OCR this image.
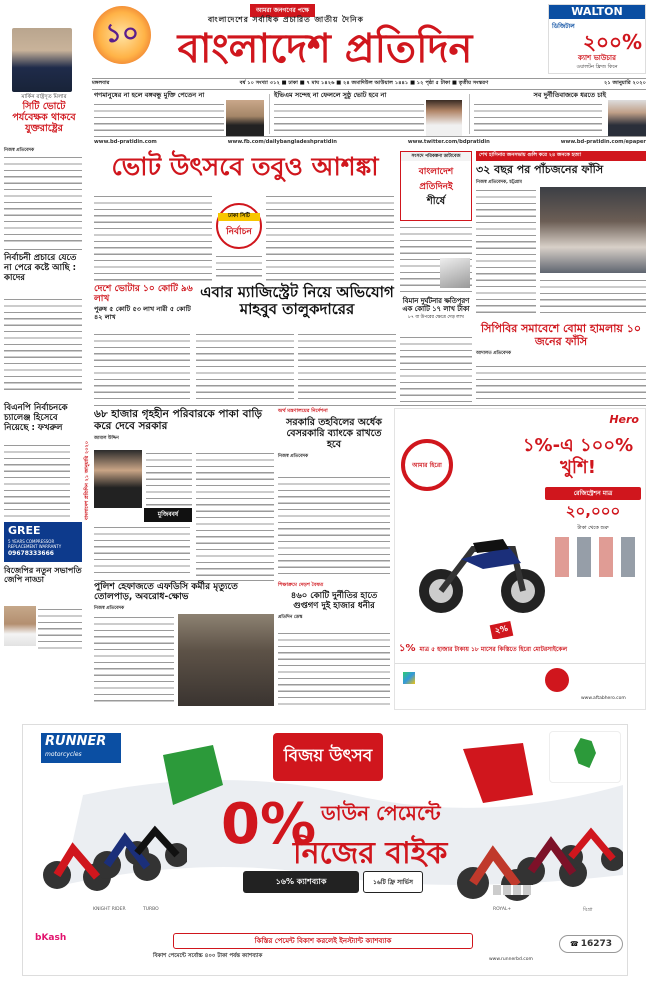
১০
আমরা জনগণের পক্ষে
বাংলাদেশের সর্বাধিক প্রচারিত জাতীয় দৈনিক
বাংলাদেশ প্রতিদিন
WALTON
ডিজিটাল
২০০%
ক্যাশ ভাউচার
ওয়ালটন ফ্রিজ কিনে
মঙ্গলবার	বর্ষ ১০ সংখ্যা ৩১২ ■ ঢাকা ■ ৭ মাঘ ১৪২৬ ■ ২৪ জমাদিউল আউয়াল ১৪৪১ ■ ১২ পৃষ্ঠা ৫ টাকা ■ তৃতীয় সংস্করণ	২১ জানুয়ারি ২০২০
মার্কিন রাষ্ট্রদূত মিলার
সিটি ভোটে পর্যবেক্ষক থাকবে যুক্তরাষ্ট্রের
নিজস্ব প্রতিবেদক
নির্বাচনী প্রচারে যেতে না পেরে কষ্টে আছি : কাদের
বিএনপি নির্বাচনকে চ্যালেঞ্জ হিসেবে নিয়েছে : ফখরুল
GREE
5 YEARS COMPRESSOR REPLACEMENT WARRANTY
09678333666
বিজেপির নতুন সভাপতি জেপি নাড্ডা
বাংলাদেশ প্রতিদিন ২১ জানুয়ারি ২০২০
গণমানুষের না হলে বঙ্গবন্ধু মুক্তি পেতেন না	ইভিএম সন্দেহ না ফেললে সুষ্ঠু ভোট হবে না	সব দুর্নীতিবাজকে ধরতে চাই
www.bd-pratidin.com	www.fb.com/dailybangladeshpratidin	www.twitter.com/bdpratidin	www.bd-pratidin.com/epaper
ভোট উৎসবে তবুও আশঙ্কা
ঢাকা সিটি
নির্বাচন
দেশে ভোটার ১০ কোটি ৯৬ লাখ
পুরুষ ৫ কোটি ৫৩ লাখ নারী ৫ কোটি ৪২ লাখ
এবার ম্যাজিস্ট্রেট নিয়ে অভিযোগ
মাহবুব তালুকদারের
সংসদে পরিকল্পনা ডাটাবেজ
বাংলাদেশ
প্রতিদিনই
শীর্ষে
বিমান দুর্ঘটনার ক্ষতিপূরণ এক কোটি ১৭ লাখ টাকা
৮৭ বা উপরের ক্ষেত্রে দেড় লাখ
শেখ হাসিনার জনসভায় গুলি করে ২৪ জনকে হত্যা
৩২ বছর পর পাঁচজনের ফাঁসি
নিজস্ব প্রতিবেদক, চট্টগ্রাম
সিপিবির সমাবেশে বোমা হামলায় ১০ জনের ফাঁসি
আদালত প্রতিবেদক
৬৮ হাজার গৃহহীন পরিবারকে পাকা বাড়ি করে দেবে সরকার
জামাল উদ্দিন
মুজিববর্ষ
পুলিশ হেফাজতে এফডিসি কর্মীর মৃত্যুতে তোলপাড়, অবরোধ-ক্ষোভ
নিজস্ব প্রতিবেদক
অর্থ মন্ত্রণালয়ের নির্দেশনা
সরকারি তহবিলের অর্ধেক বেসরকারি ব্যাংকে রাখতে হবে
নিজস্ব প্রতিবেদক
শিক্ষাক্রমে দেড়শ বৈষম্য
৪৬০ কোটি দুর্নীতির হাতে গুপ্তগণ দুই হাজার ধনীর
প্রতিদিন ডেস্ক
Hero
১%-এ ১০০% খুশি!
আমার হিরো
রেজিস্ট্রেশন মাত্র
২০,০০০
টাকা থেকে শুরু
২%
১% মাত্র ৫ হাজার টাকায় ১৮ মাসের কিস্তিতে হিরো মোটরসাইকেল
www.aftabhero.com
RUNNER
motorcycles	বিজয় উৎসব
0% ডাউন পেমেন্টে
নিজের বাইক
KNIGHT RIDER	TURBO	ROYAL+	বিগ্রা
১৬% ক্যাশব্যাক	১৬টি ফ্রি সার্ভিস
bKash
বিকাশ পেমেন্টে সর্বোচ্চ ৪০০ টাকা পর্যন্ত ক্যাশব্যাক
কিস্তির পেমেন্ট বিকাশ করলেই ইনস্ট্যান্ট ক্যাশব্যাক	☎ 16273
www.runnerbd.com
